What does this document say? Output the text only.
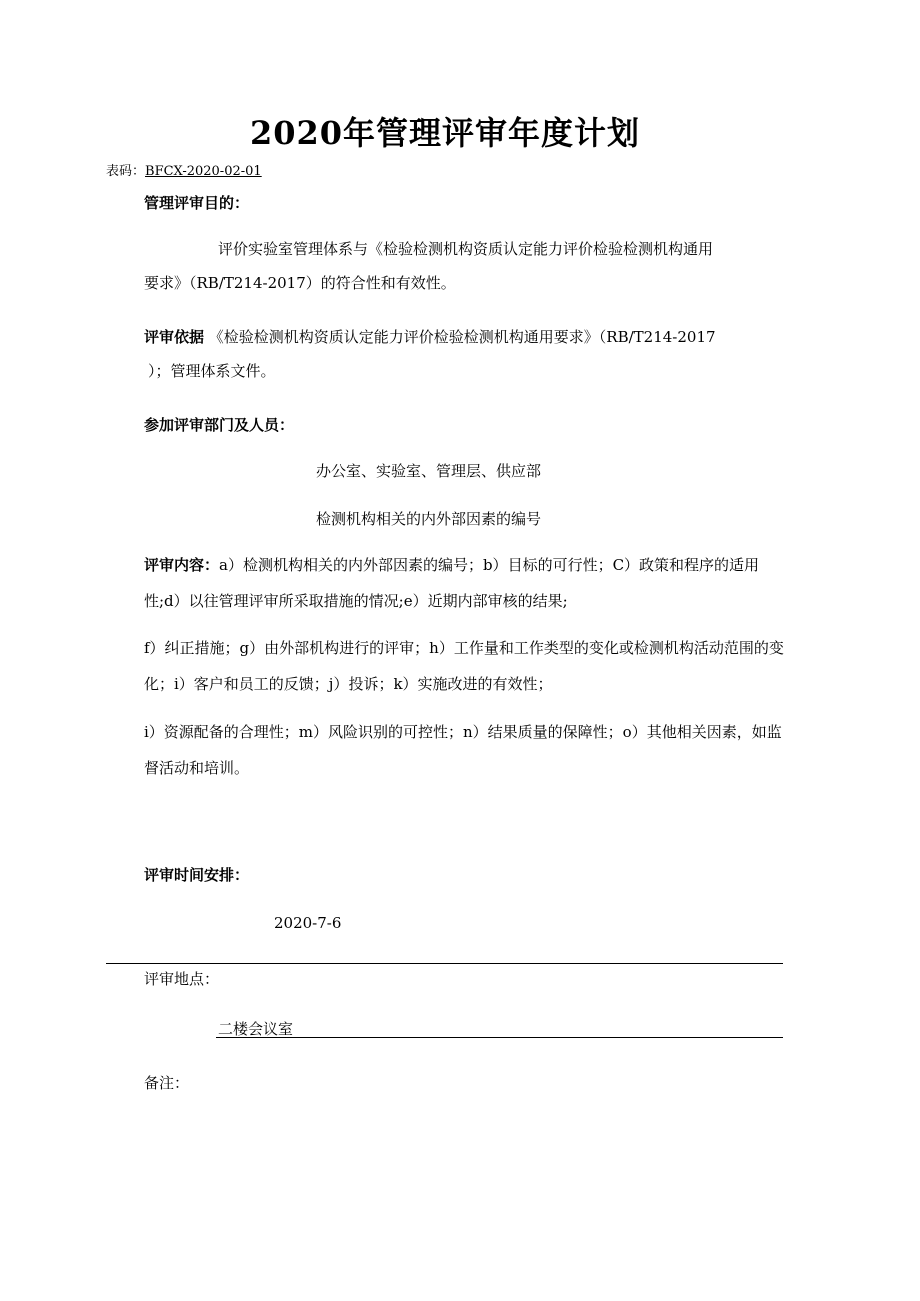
2020年管理评审年度计划
表码：BFCX-2020-02-01
管理评审目的：
评价实验室管理体系与《检验检测机构资质认定能力评价检验检测机构通用
要求》（RB/T214-2017）的符合性和有效性。
评审依据 《检验检测机构资质认定能力评价检验检测机构通用要求》（RB/T214-2017
）；管理体系文件。
参加评审部门及人员：
办公室、实验室、管理层、供应部
检测机构相关的内外部因素的编号
评审内容：a）检测机构相关的内外部因素的编号；b）目标的可行性；C）政策和程序的适用性;d）以往管理评审所采取措施的情况;e）近期内部审核的结果;
f）纠正措施；g）由外部机构进行的评审；h）工作量和工作类型的变化或检测机构活动范围的变化；i）客户和员工的反馈；j）投诉；k）实施改进的有效性；
i）资源配备的合理性；m）风险识别的可控性；n）结果质量的保障性；o）其他相关因素，如监督活动和培训。
评审时间安排：
2020-7-6
评审地点：
二楼会议室
备注：
